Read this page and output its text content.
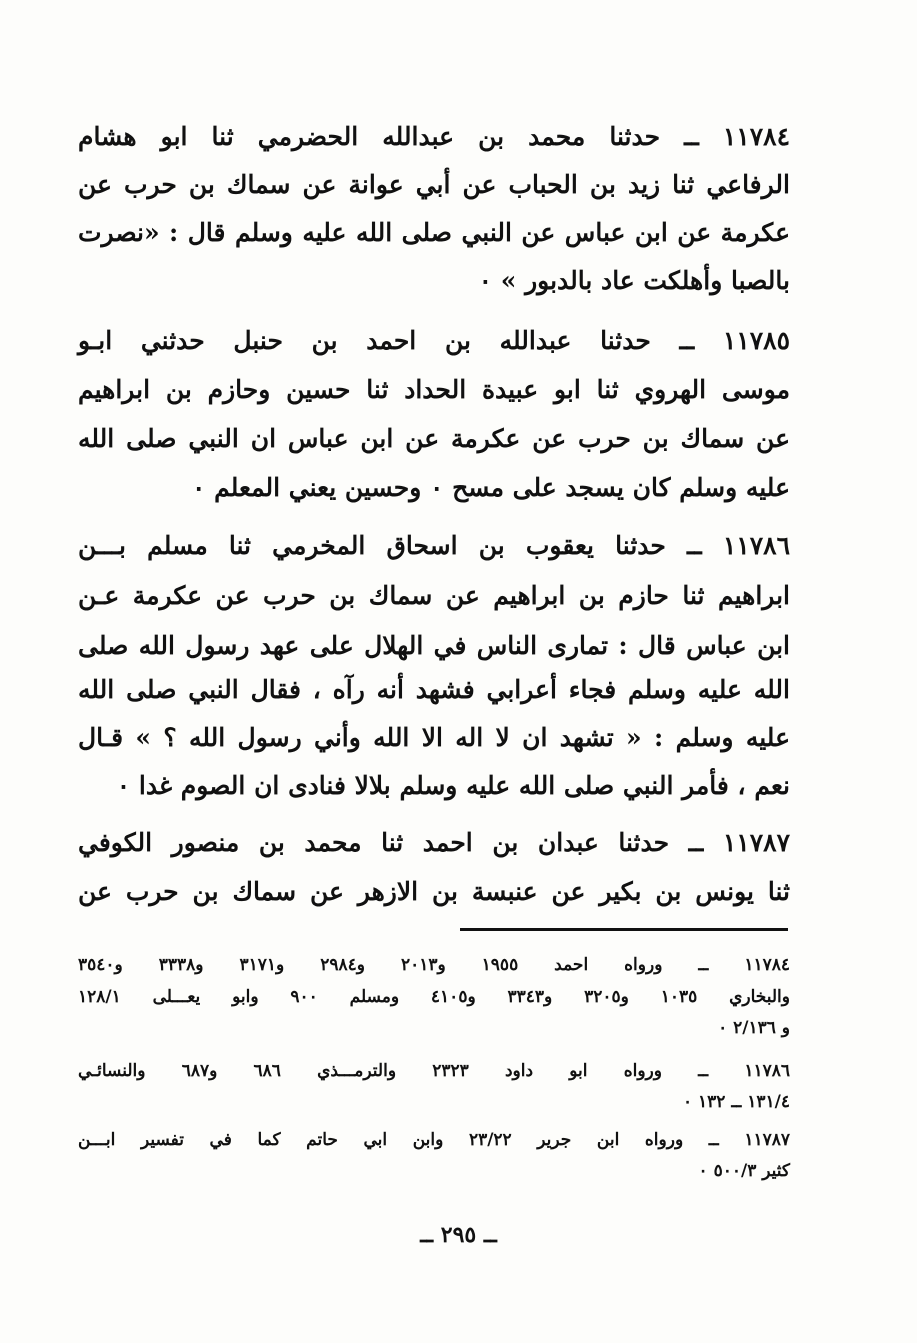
١١٧٨٤ ــ حدثنا محمد بن عبدالله الحضرمي ثنا ابو هشام
الرفاعي ثنا زيد بن الحباب عن أبي عوانة عن سماك بن حرب عن
عكرمة عن ابن عباس عن النبي صلى الله عليه وسلم قال : «نصرت
بالصبا وأهلكت عاد بالدبور » ٠
١١٧٨٥ ــ حدثنا عبدالله بن احمد بن حنبل حدثني ابـو
موسى الهروي ثنا ابو عبيدة الحداد ثنا حسين وحازم بن ابراهيم
عن سماك بن حرب عن عكرمة عن ابن عباس ان النبي صلى الله
عليه وسلم كان يسجد على مسح ٠ وحسين يعني المعلم ٠
١١٧٨٦ ــ حدثنا يعقوب بن اسحاق المخرمي ثنا مسلم بـــن
ابراهيم ثنا حازم بن ابراهيم عن سماك بن حرب عن عكرمة عـن
ابن عباس قال : تمارى الناس في الهلال على عهد رسول الله صلى
الله عليه وسلم فجاء أعرابي فشهد أنه رآه ، فقال النبي صلى الله
عليه وسلم : « تشهد ان لا اله الا الله وأني رسول الله ؟ » قـال
نعم ، فأمر النبي صلى الله عليه وسلم بلالا فنادى ان الصوم غدا ٠
١١٧٨٧ ــ حدثنا عبدان بن احمد ثنا محمد بن منصور الكوفي
ثنا يونس بن بكير عن عنبسة بن الازهر عن سماك بن حرب عن
١١٧٨٤ ــ ورواه احمد ١٩٥٥ و٢٠١٣ و٢٩٨٤ و٣١٧١ و٣٣٣٨ و٣٥٤٠
والبخاري ١٠٣٥ و٣٢٠٥ و٣٣٤٣ و٤١٠٥ ومسلم ٩٠٠ وابو يعـــلى ١٢٨/١
و ٢/١٣٦ ٠
١١٧٨٦ ــ ورواه ابو داود ٢٣٢٣ والترمـــذي ٦٨٦ و٦٨٧ والنسائـي
١٣١/٤ ــ ١٣٢ ٠
١١٧٨٧ ــ ورواه ابن جرير ٢٣/٢٢ وابن ابي حاتم كما في تفسير ابـــن
كثير ٥٠٠/٣ ٠
ــ ٢٩٥ ــ
